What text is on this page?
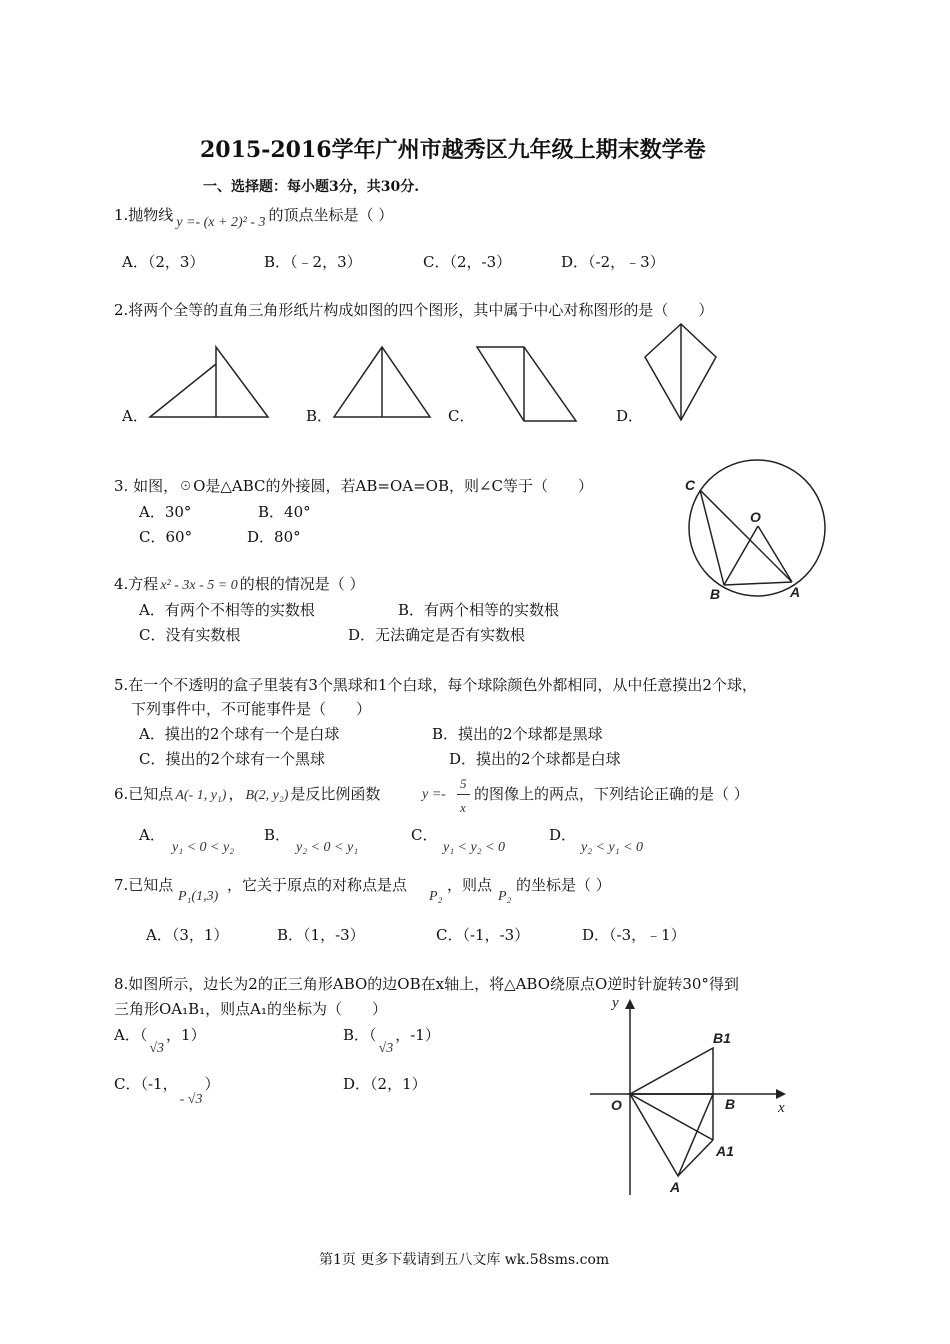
2015-2016学年广州市越秀区九年级上期末数学卷
一、选择题：每小题3分，共30分.
1.抛物线 y =- (x + 2)² - 3 的顶点坐标是（ ）
A．（2，3）	B．（﹣2，3）	C．（2，-3）	D．（-2，﹣3）
2.将两个全等的直角三角形纸片构成如图的四个图形，其中属于中心对称图形的是（　　）
A．	B．	C．	D．
3. 如图，☉O是△ABC的外接圆，若AB=OA=OB，则∠C等于（　　）
A．30°	B．40°
C．60°	D．80°
C
O
B	A
4.方程 x² - 3x - 5 = 0 的根的情况是（ ）
A．有两个不相等的实数根	B．有两个相等的实数根
C．没有实数根	D．无法确定是否有实数根
5.在一个不透明的盒子里装有3个黑球和1个白球，每个球除颜色外都相同，从中任意摸出2个球，
下列事件中，不可能事件是（　　）
A．摸出的2个球有一个是白球	B．摸出的2个球都是黑球
C．摸出的2个球有一个黑球	D．摸出的2个球都是白球
6.已知点 A(- 1, y₁) ， B(2, y₂) 是反比例函数	y =-
5
x
的图像上的两点，下列结论正确的是（ ）
A．
y₁ < 0 < y₂
B．
y₂ < 0 < y₁
C．
y₁ < y₂ < 0
D．
y₂ < y₁ < 0
7.已知点
P₁(1,3)
，它关于原点的对称点是点
P₂
，则点
P₂
的坐标是（ ）
A．（3，1）	B．（1，-3）	C．（-1，-3）	D．（-3，﹣1）
8.如图所示，边长为2的正三角形ABO的边OB在x轴上，将△ABO绕原点O逆时针旋转30°得到
三角形OA₁B₁，则点A₁的坐标为（　　）
A．（√3，1）	B．（√3，-1）
C．（-1，- √3）	D．（2，1）
y
x
O	B
B1
A1
A
第1页 更多下载请到五八文库 wk.58sms.com
